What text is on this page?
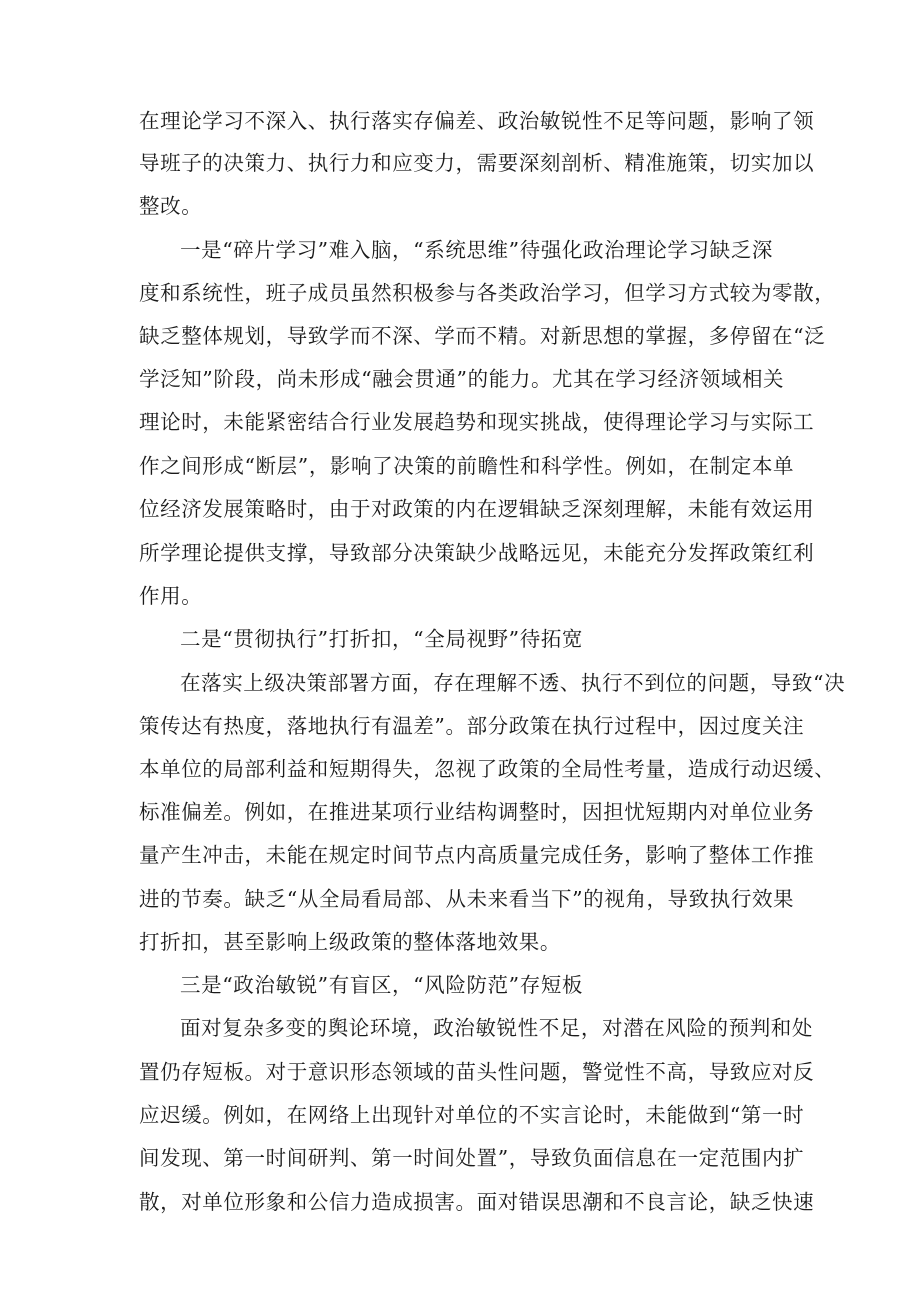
在理论学习不深入、执行落实存偏差、政治敏锐性不足等问题，影响了领
导班子的决策力、执行力和应变力，需要深刻剖析、精准施策，切实加以
整改。
一是“碎片学习”难入脑，“系统思维”待强化政治理论学习缺乏深
度和系统性，班子成员虽然积极参与各类政治学习，但学习方式较为零散，
缺乏整体规划，导致学而不深、学而不精。对新思想的掌握，多停留在“泛
学泛知”阶段，尚未形成“融会贯通”的能力。尤其在学习经济领域相关
理论时，未能紧密结合行业发展趋势和现实挑战，使得理论学习与实际工
作之间形成“断层”，影响了决策的前瞻性和科学性。例如，在制定本单
位经济发展策略时，由于对政策的内在逻辑缺乏深刻理解，未能有效运用
所学理论提供支撑，导致部分决策缺少战略远见，未能充分发挥政策红利
作用。
二是“贯彻执行”打折扣，“全局视野”待拓宽
在落实上级决策部署方面，存在理解不透、执行不到位的问题，导致“决
策传达有热度，落地执行有温差”。部分政策在执行过程中，因过度关注
本单位的局部利益和短期得失，忽视了政策的全局性考量，造成行动迟缓、
标准偏差。例如，在推进某项行业结构调整时，因担忧短期内对单位业务
量产生冲击，未能在规定时间节点内高质量完成任务，影响了整体工作推
进的节奏。缺乏“从全局看局部、从未来看当下”的视角，导致执行效果
打折扣，甚至影响上级政策的整体落地效果。
三是“政治敏锐”有盲区，“风险防范”存短板
面对复杂多变的舆论环境，政治敏锐性不足，对潜在风险的预判和处
置仍存短板。对于意识形态领域的苗头性问题，警觉性不高，导致应对反
应迟缓。例如，在网络上出现针对单位的不实言论时，未能做到“第一时
间发现、第一时间研判、第一时间处置”，导致负面信息在一定范围内扩
散，对单位形象和公信力造成损害。面对错误思潮和不良言论，缺乏快速
